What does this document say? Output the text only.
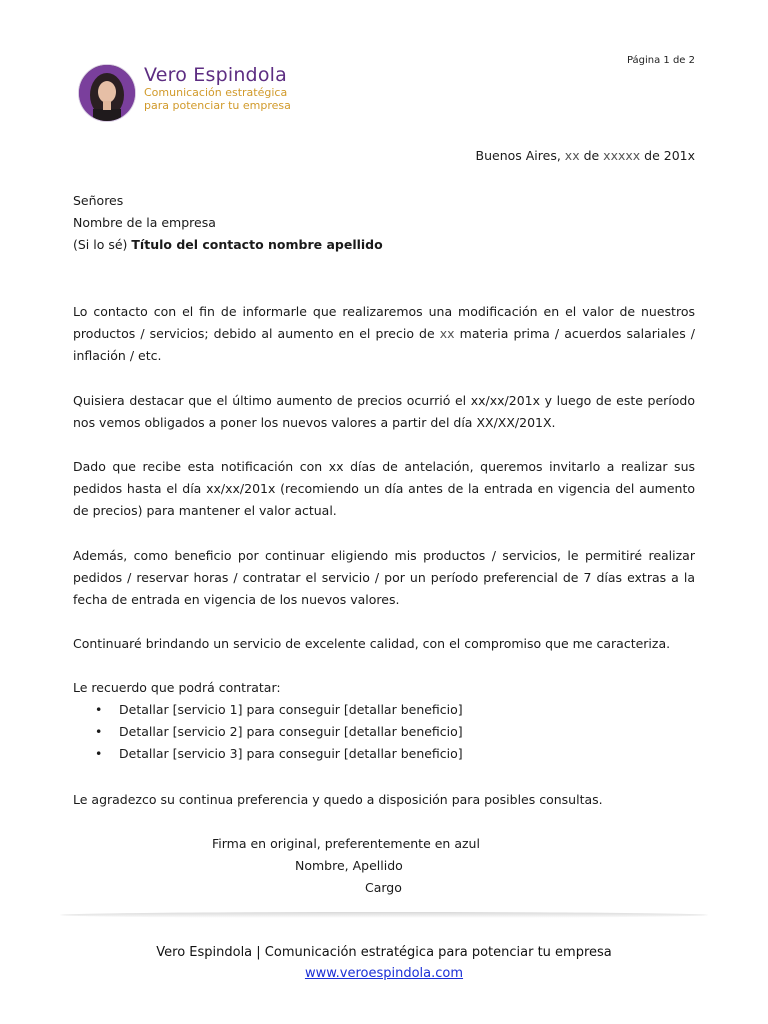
Vero Espindola
Comunicación estratégica
para potenciar tu empresa
Página 1 de 2
Buenos Aires, xx de xxxxx de 201x
Señores
Nombre de la empresa
(Si lo sé) Título del contacto nombre apellido
Lo contacto con el fin de informarle que realizaremos una modificación en el valor de nuestros productos / servicios; debido al aumento en el precio de xx materia prima / acuerdos salariales / inflación / etc.
Quisiera destacar que el último aumento de precios ocurrió el xx/xx/201x y luego de este período nos vemos obligados a poner los nuevos valores a partir del día XX/XX/201X.
Dado que recibe esta notificación con xx días de antelación, queremos invitarlo a realizar sus pedidos hasta el día xx/xx/201x (recomiendo un día antes de la entrada en vigencia del aumento de precios) para mantener el valor actual.
Además, como beneficio por continuar eligiendo mis productos / servicios, le permitiré realizar pedidos / reservar horas / contratar el servicio / por un período preferencial de 7 días extras a la fecha de entrada en vigencia de los nuevos valores.
Continuaré brindando un servicio de excelente calidad, con el compromiso que me caracteriza.
Le recuerdo que podrá contratar:
• Detallar [servicio 1] para conseguir [detallar beneficio]
• Detallar [servicio 2] para conseguir [detallar beneficio]
• Detallar [servicio 3] para conseguir [detallar beneficio]
Le agradezco su continua preferencia y quedo a disposición para posibles consultas.
Firma en original, preferentemente en azul
Nombre, Apellido
Cargo
Vero Espindola | Comunicación estratégica para potenciar tu empresa
www.veroespindola.com
